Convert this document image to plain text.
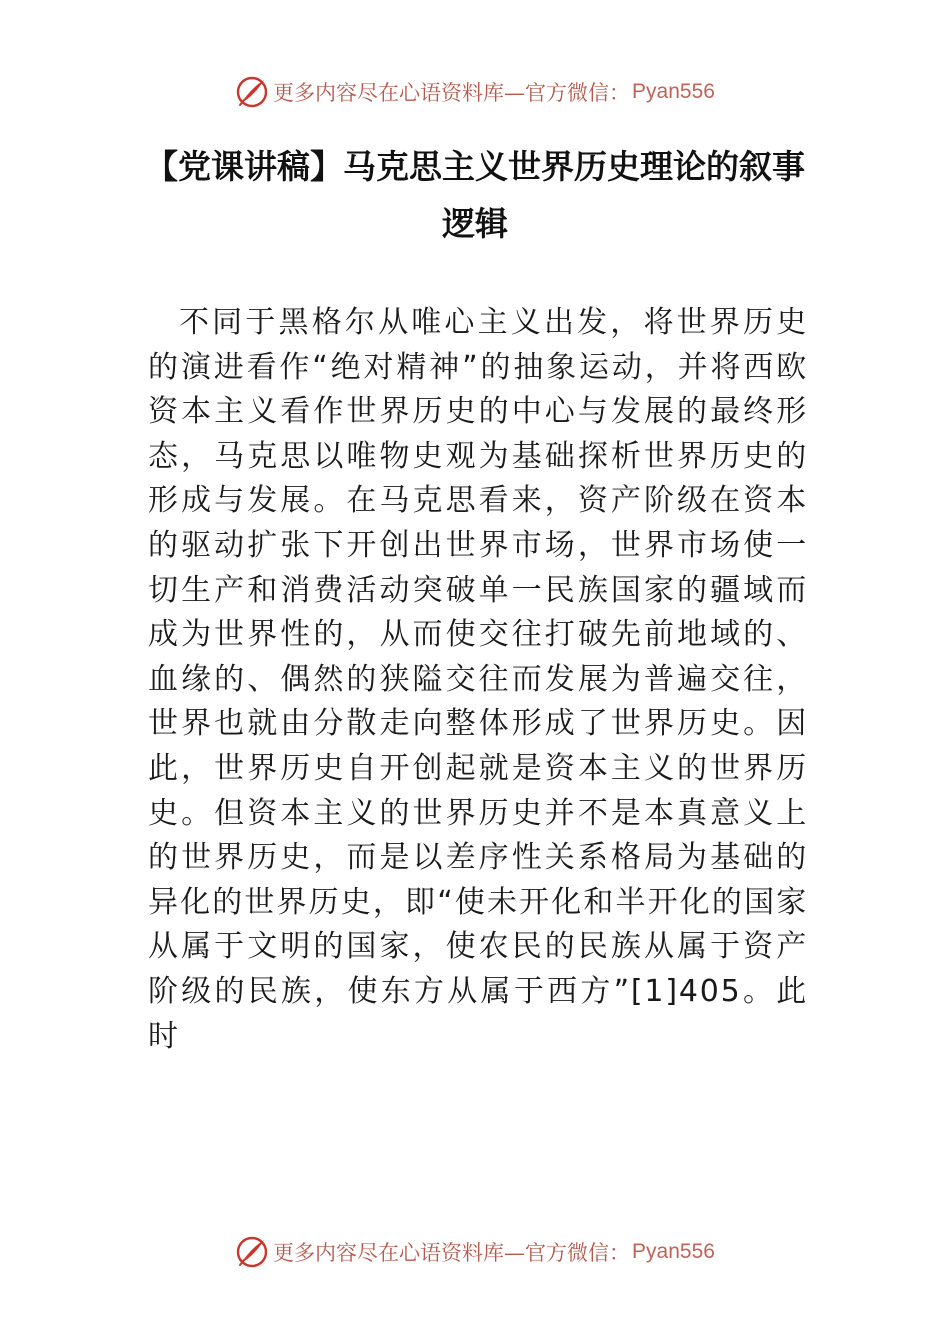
更多内容尽在心语资料库—官方微信： Pyan556
【党课讲稿】马克思主义世界历史理论的叙事逻辑

不同于黑格尔从唯心主义出发，将世界历史的演进看作“绝对精神”的抽象运动，并将西欧资本主义看作世界历史的中心与发展的最终形态，马克思以唯物史观为基础探析世界历史的形成与发展。在马克思看来，资产阶级在资本的驱动扩张下开创出世界市场，世界市场使一切生产和消费活动突破单一民族国家的疆域而成为世界性的，从而使交往打破先前地域的、血缘的、偶然的狭隘交往而发展为普遍交往，世界也就由分散走向整体形成了世界历史。因此，世界历史自开创起就是资本主义的世界历史。但资本主义的世界历史并不是本真意义上的世界历史，而是以差序性关系格局为基础的异化的世界历史，即“使未开化和半开化的国家从属于文明的国家，使农民的民族从属于资产阶级的民族，使东方从属于西方”[1]405。此时

更多内容尽在心语资料库—官方微信： Pyan556
